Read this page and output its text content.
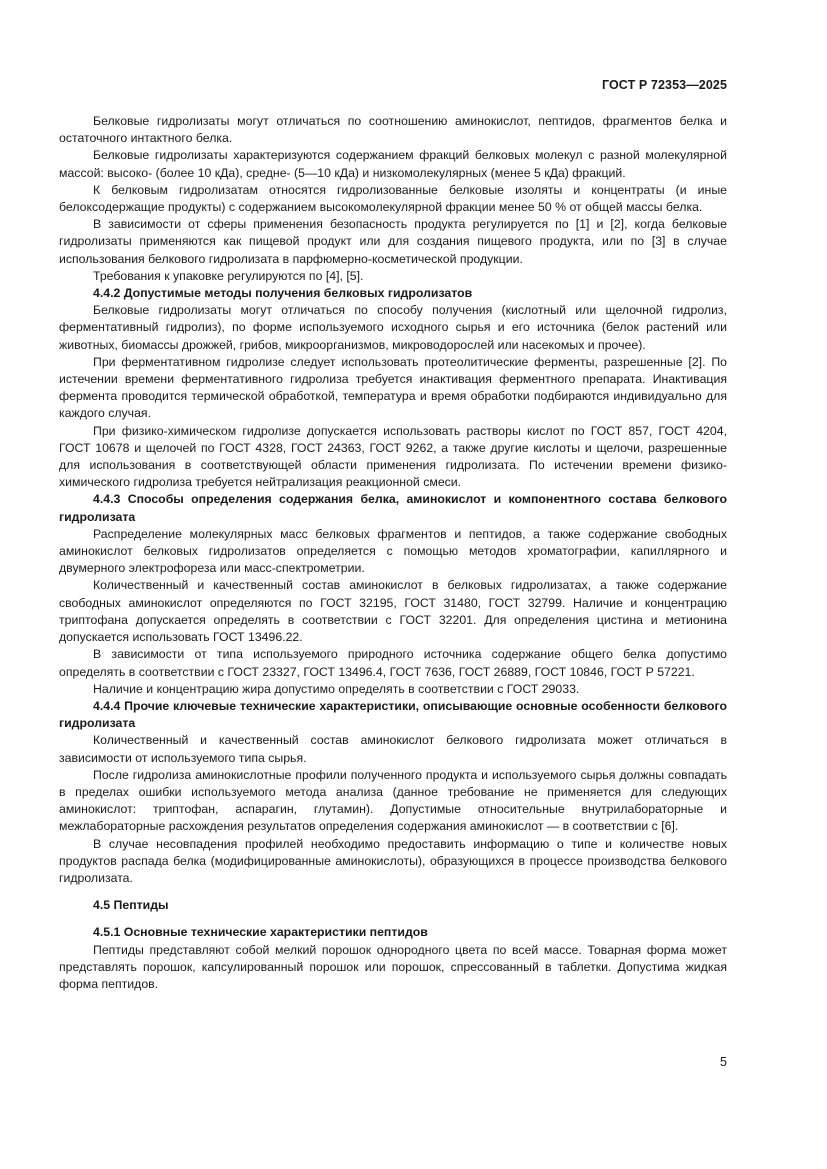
ГОСТ Р 72353—2025

Белковые гидролизаты могут отличаться по соотношению аминокислот, пептидов, фрагментов белка и остаточного интактного белка.

Белковые гидролизаты характеризуются содержанием фракций белковых молекул с разной молекулярной массой: высоко- (более 10 кДа), средне- (5—10 кДа) и низкомолекулярных (менее 5 кДа) фракций.

К белковым гидролизатам относятся гидролизованные белковые изоляты и концентраты (и иные белоксодержащие продукты) с содержанием высокомолекулярной фракции менее 50 % от общей массы белка.

В зависимости от сферы применения безопасность продукта регулируется по [1] и [2], когда белковые гидролизаты применяются как пищевой продукт или для создания пищевого продукта, или по [3] в случае использования белкового гидролизата в парфюмерно-косметической продукции.

Требования к упаковке регулируются по [4], [5].

4.4.2 Допустимые методы получения белковых гидролизатов

Белковые гидролизаты могут отличаться по способу получения (кислотный или щелочной гидролиз, ферментативный гидролиз), по форме используемого исходного сырья и его источника (белок растений или животных, биомассы дрожжей, грибов, микроорганизмов, микроводорослей или насекомых и прочее).

При ферментативном гидролизе следует использовать протеолитические ферменты, разрешенные [2]. По истечении времени ферментативного гидролиза требуется инактивация ферментного препарата. Инактивация фермента проводится термической обработкой, температура и время обработки подбираются индивидуально для каждого случая.

При физико-химическом гидролизе допускается использовать растворы кислот по ГОСТ 857, ГОСТ 4204, ГОСТ 10678 и щелочей по ГОСТ 4328, ГОСТ 24363, ГОСТ 9262, а также другие кислоты и щелочи, разрешенные для использования в соответствующей области применения гидролизата. По истечении времени физико-химического гидролиза требуется нейтрализация реакционной смеси.

4.4.3 Способы определения содержания белка, аминокислот и компонентного состава белкового гидролизата

Распределение молекулярных масс белковых фрагментов и пептидов, а также содержание свободных аминокислот белковых гидролизатов определяется с помощью методов хроматографии, капиллярного и двумерного электрофореза или масс-спектрометрии.

Количественный и качественный состав аминокислот в белковых гидролизатах, а также содержание свободных аминокислот определяются по ГОСТ 32195, ГОСТ 31480, ГОСТ 32799. Наличие и концентрацию триптофана допускается определять в соответствии с ГОСТ 32201. Для определения цистина и метионина допускается использовать ГОСТ 13496.22.

В зависимости от типа используемого природного источника содержание общего белка допустимо определять в соответствии с ГОСТ 23327, ГОСТ 13496.4, ГОСТ 7636, ГОСТ 26889, ГОСТ 10846, ГОСТ Р 57221.

Наличие и концентрацию жира допустимо определять в соответствии с ГОСТ 29033.

4.4.4 Прочие ключевые технические характеристики, описывающие основные особенности белкового гидролизата

Количественный и качественный состав аминокислот белкового гидролизата может отличаться в зависимости от используемого типа сырья.

После гидролиза аминокислотные профили полученного продукта и используемого сырья должны совпадать в пределах ошибки используемого метода анализа (данное требование не применяется для следующих аминокислот: триптофан, аспарагин, глутамин). Допустимые относительные внутрилабораторные и межлабораторные расхождения результатов определения содержания аминокислот — в соответствии с [6].

В случае несовпадения профилей необходимо предоставить информацию о типе и количестве новых продуктов распада белка (модифицированные аминокислоты), образующихся в процессе производства белкового гидролизата.

4.5 Пептиды

4.5.1 Основные технические характеристики пептидов

Пептиды представляют собой мелкий порошок однородного цвета по всей массе. Товарная форма может представлять порошок, капсулированный порошок или порошок, спрессованный в таблетки. Допустима жидкая форма пептидов.

5
